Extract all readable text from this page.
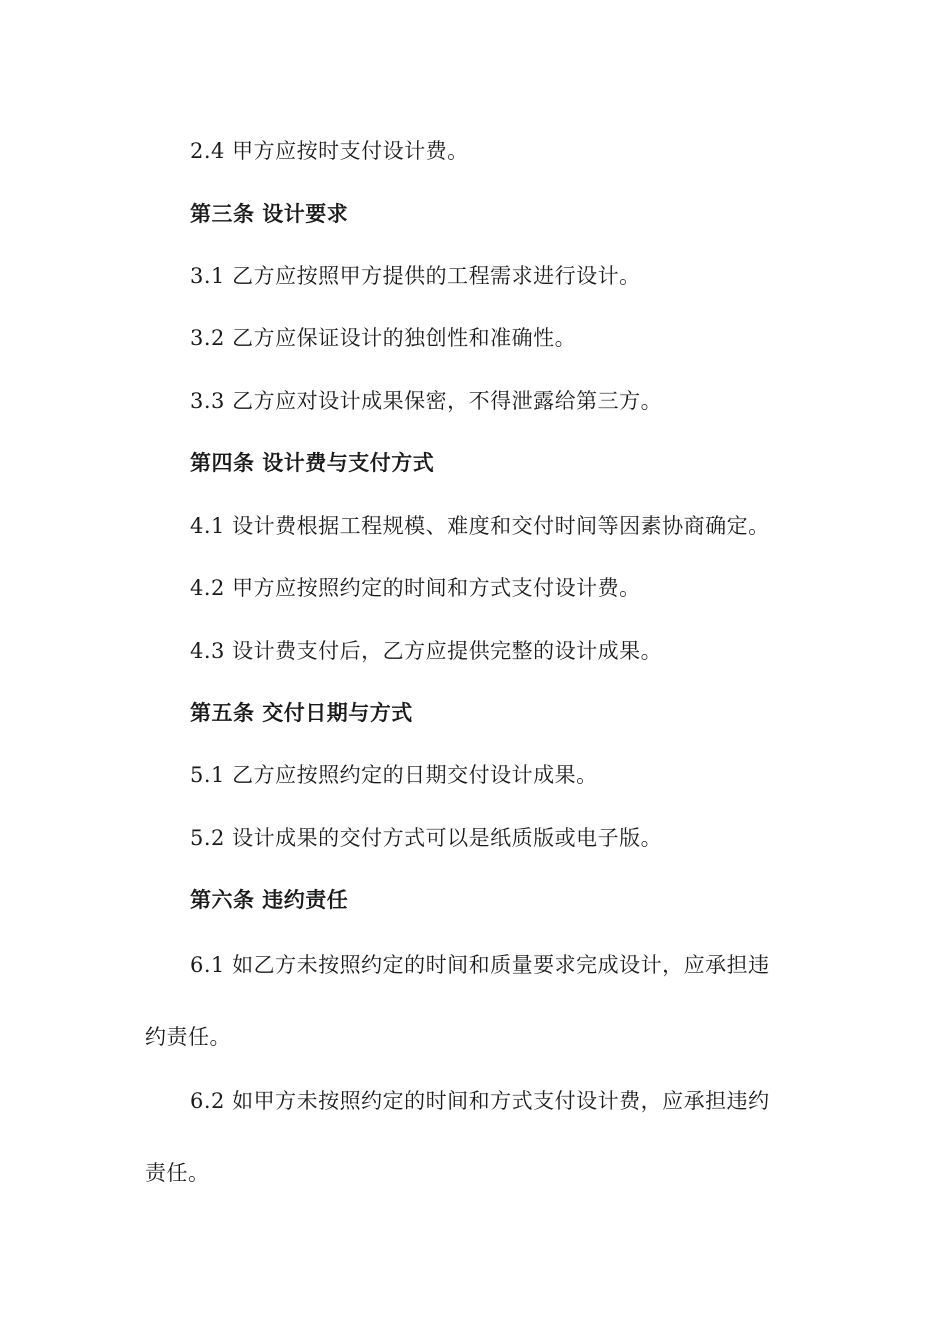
2.4 甲方应按时支付设计费。
第三条 设计要求
3.1 乙方应按照甲方提供的工程需求进行设计。
3.2 乙方应保证设计的独创性和准确性。
3.3 乙方应对设计成果保密，不得泄露给第三方。
第四条 设计费与支付方式
4.1 设计费根据工程规模、难度和交付时间等因素协商确定。
4.2 甲方应按照约定的时间和方式支付设计费。
4.3 设计费支付后，乙方应提供完整的设计成果。
第五条 交付日期与方式
5.1 乙方应按照约定的日期交付设计成果。
5.2 设计成果的交付方式可以是纸质版或电子版。
第六条 违约责任
6.1 如乙方未按照约定的时间和质量要求完成设计，应承担违
约责任。
6.2 如甲方未按照约定的时间和方式支付设计费，应承担违约
责任。
